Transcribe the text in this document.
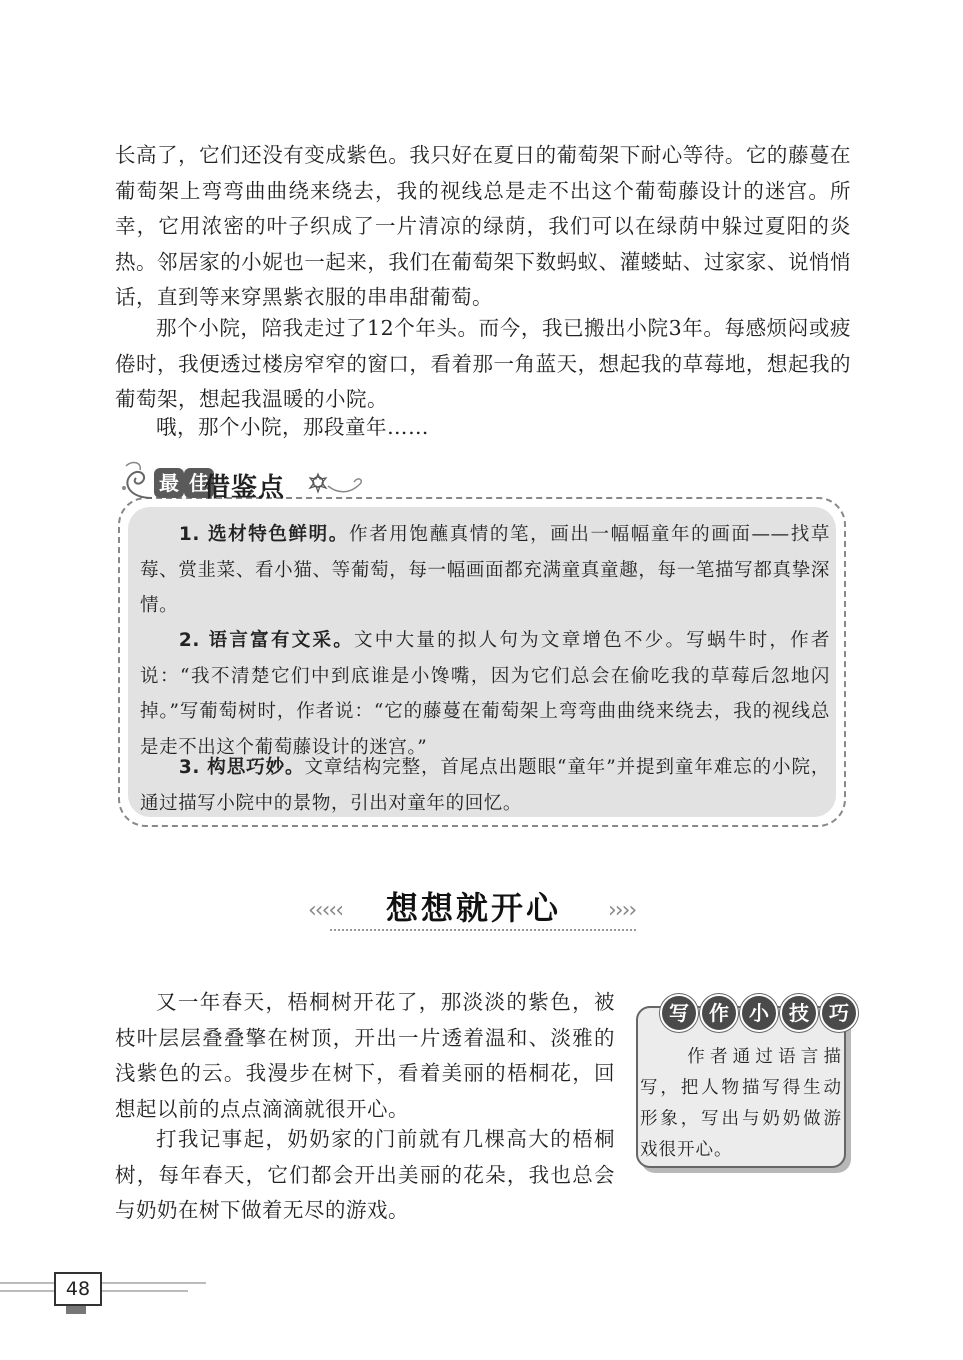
长高了，它们还没有变成紫色。我只好在夏日的葡萄架下耐心等待。它的藤蔓在葡萄架上弯弯曲曲绕来绕去，我的视线总是走不出这个葡萄藤设计的迷宫。所幸，它用浓密的叶子织成了一片清凉的绿荫，我们可以在绿荫中躲过夏阳的炎热。邻居家的小妮也一起来，我们在葡萄架下数蚂蚁、灌蝼蛄、过家家、说悄悄话，直到等来穿黑紫衣服的串串甜葡萄。

那个小院，陪我走过了12个年头。而今，我已搬出小院3年。每感烦闷或疲倦时，我便透过楼房窄窄的窗口，看着那一角蓝天，想起我的草莓地，想起我的葡萄架，想起我温暖的小院。

哦，那个小院，那段童年……

最 佳
借鉴点

1. 选材特色鲜明。作者用饱蘸真情的笔，画出一幅幅童年的画面——找草莓、赏韭菜、看小猫、等葡萄，每一幅画面都充满童真童趣，每一笔描写都真挚深情。

2. 语言富有文采。文中大量的拟人句为文章增色不少。写蜗牛时，作者说：“我不清楚它们中到底谁是小馋嘴，因为它们总会在偷吃我的草莓后忽地闪掉。”写葡萄树时，作者说：“它的藤蔓在葡萄架上弯弯曲曲绕来绕去，我的视线总是走不出这个葡萄藤设计的迷宫。”

3. 构思巧妙。文章结构完整，首尾点出题眼“童年”并提到童年难忘的小院，通过描写小院中的景物，引出对童年的回忆。

‹‹‹‹‹ 想想就开心 ››››

又一年春天，梧桐树开花了，那淡淡的紫色，被枝叶层层叠叠擎在树顶，开出一片透着温和、淡雅的浅紫色的云。我漫步在树下，看着美丽的梧桐花，回想起以前的点点滴滴就很开心。

打我记事起，奶奶家的门前就有几棵高大的梧桐树，每年春天，它们都会开出美丽的花朵，我也总会与奶奶在树下做着无尽的游戏。

写 作 小 技 巧

作者通过语言描写，把人物描写得生动形象，写出与奶奶做游戏很开心。

48
